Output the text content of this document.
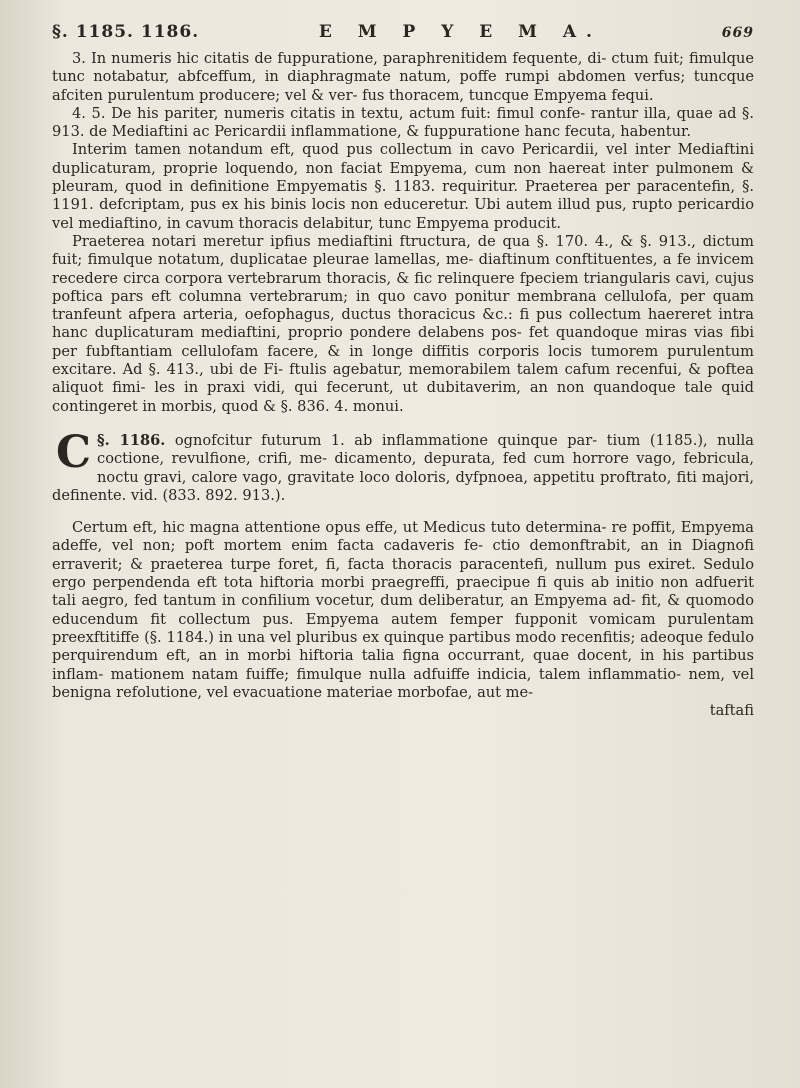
§. 1185. 1186.	E M P Y E M A.	669

3. In numeris hic citatis de fuppuratione, paraphrenitidem fequente, di- ctum fuit; fimulque tunc notabatur, abfceffum, in diaphragmate natum, poffe rumpi abdomen verfus; tuncque afciten purulentum producere; vel & ver- fus thoracem, tuncque Empyema fequi.

4. 5. De his pariter, numeris citatis in textu, actum fuit: fimul confe- rantur illa, quae ad §. 913. de Mediaftini ac Pericardii inflammatione, & fuppuratione hanc fecuta, habentur.

Interim tamen notandum eft, quod pus collectum in cavo Pericardii, vel inter Mediaftini duplicaturam, proprie loquendo, non faciat Empyema, cum non haereat inter pulmonem & pleuram, quod in definitione Empyematis §. 1183. requiritur. Praeterea per paracentefin, §. 1191. defcriptam, pus ex his binis locis non educeretur. Ubi autem illud pus, rupto pericardio vel mediaftino, in cavum thoracis delabitur, tunc Empyema producit.

Praeterea notari meretur ipfius mediaftini ftructura, de qua §. 170. 4., & §. 913., dictum fuit; fimulque notatum, duplicatae pleurae lamellas, me- diaftinum conftituentes, a fe invicem recedere circa corpora vertebrarum thoracis, & fic relinquere fpeciem triangularis cavi, cujus poftica pars eft columna vertebrarum; in quo cavo ponitur membrana cellulofa, per quam tranfeunt afpera arteria, oefophagus, ductus thoracicus &c.: fi pus collectum haereret intra hanc duplicaturam mediaftini, proprio pondere delabens pos- fet quandoque miras vias fibi per fubftantiam cellulofam facere, & in longe diffitis corporis locis tumorem purulentum excitare. Ad §. 413., ubi de Fi- ftulis agebatur, memorabilem talem cafum recenfui, & poftea aliquot fimi- les in praxi vidi, qui fecerunt, ut dubitaverim, an non quandoque tale quid contingeret in morbis, quod & §. 836. 4. monui.

§. 1186.
C	ognofcitur futurum 1. ab inflammatione quinque par- tium (1185.), nulla coctione, revulfione, crifi, me- dicamento, depurata, fed cum horrore vago, febricula, noctu gravi, calore vago, gravitate loco doloris, dyfpnoea, appetitu proftrato, fiti majori, definente. vid. (833. 892. 913.).

Certum eft, hic magna attentione opus effe, ut Medicus tuto determina- re poffit, Empyema adeffe, vel non; poft mortem enim facta cadaveris fe- ctio demonftrabit, an in Diagnofi erraverit; & praeterea turpe foret, fi, facta thoracis paracentefi, nullum pus exiret. Sedulo ergo perpendenda eft tota hiftoria morbi praegreffi, praecipue fi quis ab initio non adfuerit tali aegro, fed tantum in confilium vocetur, dum deliberatur, an Empyema ad- fit, & quomodo educendum fit collectum pus. Empyema autem femper fupponit vomicam purulentam preexftitiffe (§. 1184.) in una vel pluribus ex quinque partibus modo recenfitis; adeoque fedulo perquirendum eft, an in morbi hiftoria talia figna occurrant, quae docent, in his partibus inflam- mationem natam fuiffe; fimulque nulla adfuiffe indicia, talem inflammatio- nem, vel benigna refolutione, vel evacuatione materiae morbofae, aut me-

taftafi
